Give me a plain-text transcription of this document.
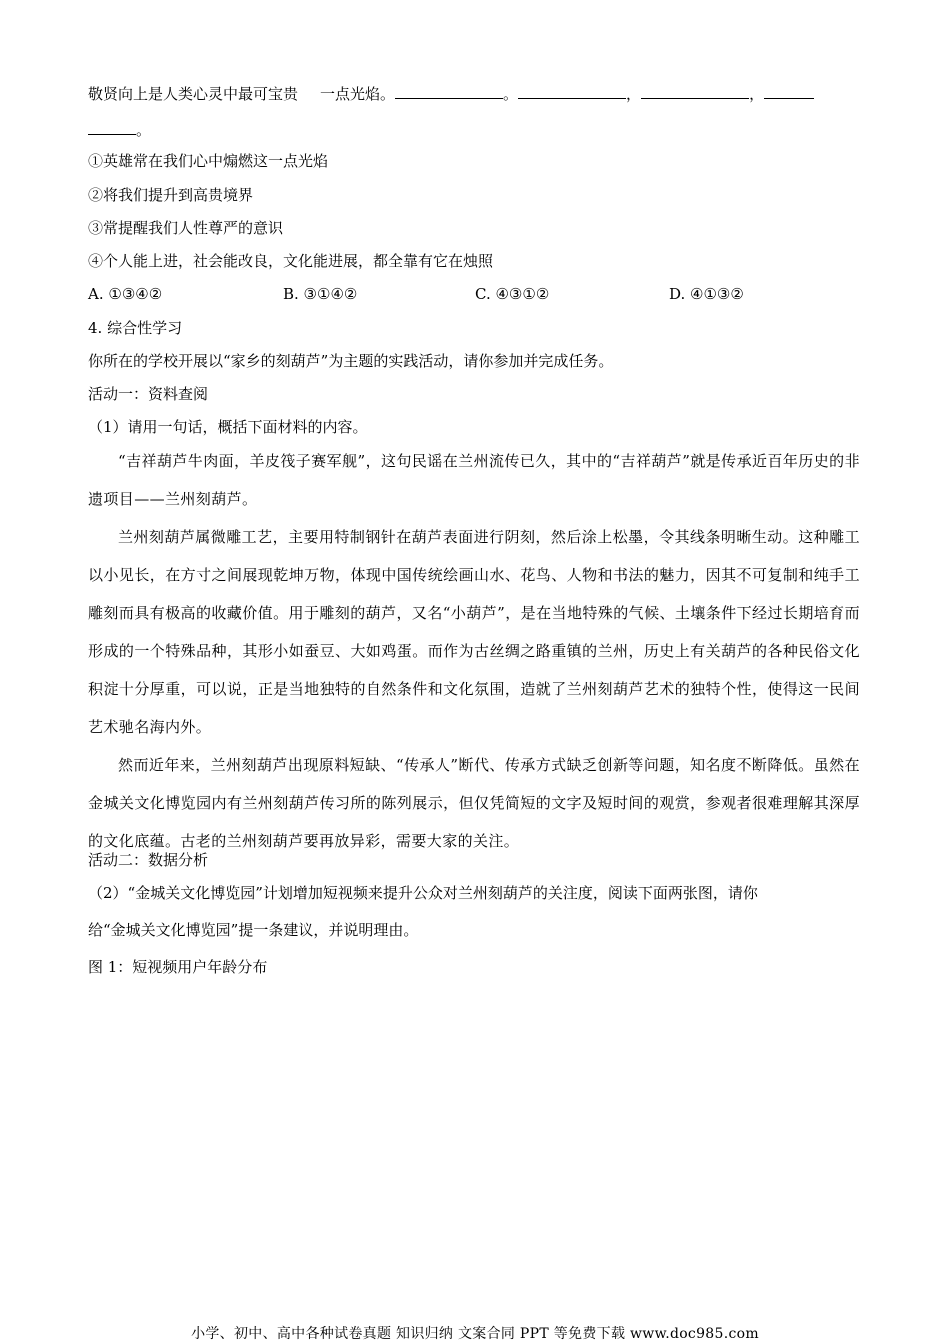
敬贤向上是人类心灵中最可宝贵 一点光焰。	。	，	，
。
①英雄常在我们心中煽燃这一点光焰
②将我们提升到高贵境界
③常提醒我们人性尊严的意识
④个人能上进，社会能改良，文化能进展，都全靠有它在烛照
A. ①③④②	B. ③①④②	C. ④③①②	D. ④①③②
4. 综合性学习
你所在的学校开展以“家乡的刻葫芦”为主题的实践活动，请你参加并完成任务。
活动一：资料查阅
（1）请用一句话，概括下面材料的内容。

“吉祥葫芦牛肉面，羊皮筏子赛军舰”，这句民谣在兰州流传已久，其中的“吉祥葫芦”就是传承近百年历史的非遗项目——兰州刻葫芦。

兰州刻葫芦属微雕工艺，主要用特制钢针在葫芦表面进行阴刻，然后涂上松墨，令其线条明晰生动。这种雕工以小见长，在方寸之间展现乾坤万物，体现中国传统绘画山水、花鸟、人物和书法的魅力，因其不可复制和纯手工雕刻而具有极高的收藏价值。用于雕刻的葫芦，又名“小葫芦”，是在当地特殊的气候、土壤条件下经过长期培育而形成的一个特殊品种，其形小如蚕豆、大如鸡蛋。而作为古丝绸之路重镇的兰州，历史上有关葫芦的各种民俗文化积淀十分厚重，可以说，正是当地独特的自然条件和文化氛围，造就了兰州刻葫芦艺术的独特个性，使得这一民间艺术驰名海内外。

然而近年来，兰州刻葫芦出现原料短缺、“传承人”断代、传承方式缺乏创新等问题，知名度不断降低。虽然在金城关文化博览园内有兰州刻葫芦传习所的陈列展示，但仅凭简短的文字及短时间的观赏，参观者很难理解其深厚的文化底蕴。古老的兰州刻葫芦要再放异彩，需要大家的关注。

活动二：数据分析
（2）“金城关文化博览园”计划增加短视频来提升公众对兰州刻葫芦的关注度，阅读下面两张图，请你
给“金城关文化博览园”提一条建议，并说明理由。
图 1：短视频用户年龄分布
小学、初中、高中各种试卷真题 知识归纳 文案合同 PPT 等免费下载 www.doc985.com
